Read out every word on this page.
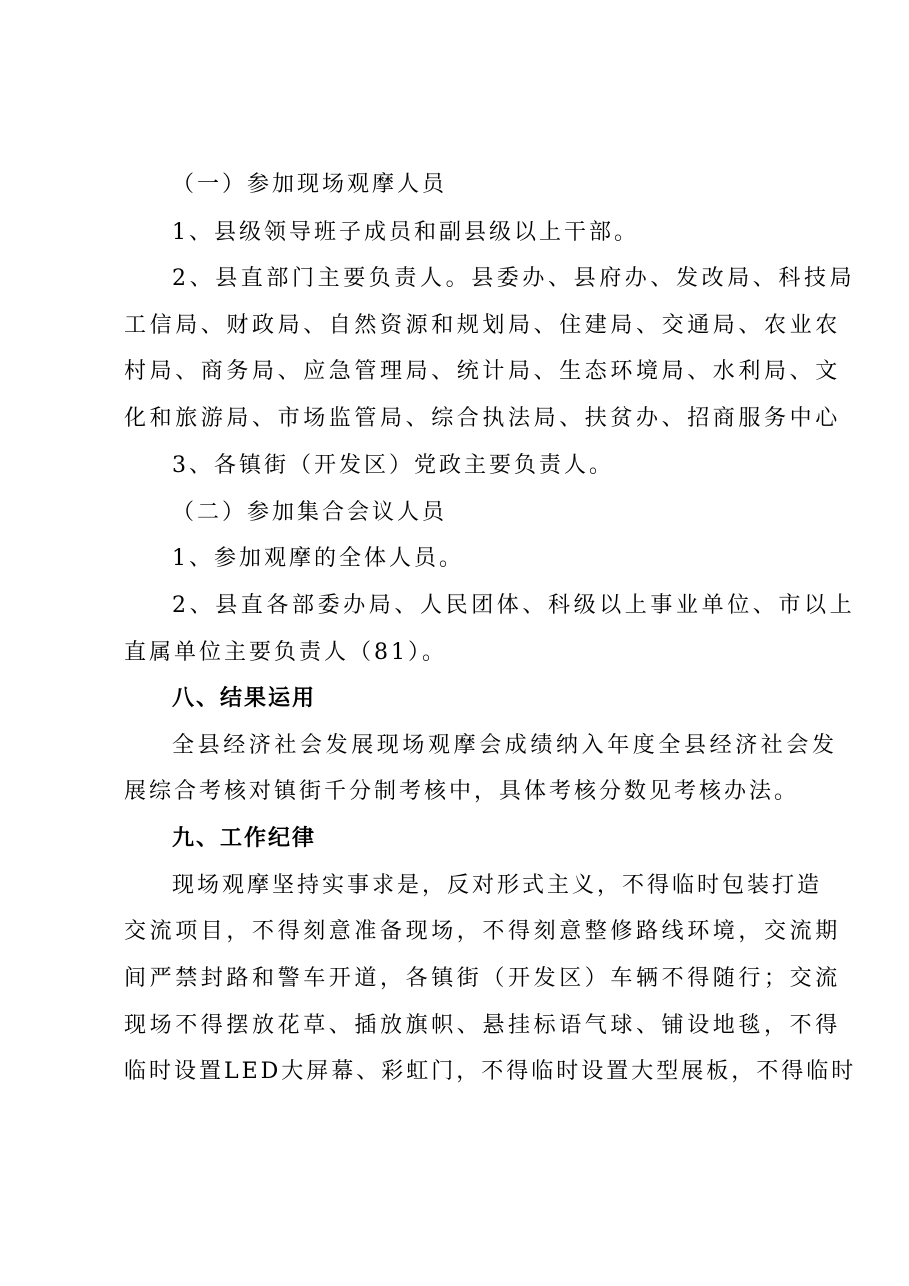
（一）参加现场观摩人员
1、县级领导班子成员和副县级以上干部。
2、县直部门主要负责人。县委办、县府办、发改局、科技局
工信局、财政局、自然资源和规划局、住建局、交通局、农业农
村局、商务局、应急管理局、统计局、生态环境局、水利局、文
化和旅游局、市场监管局、综合执法局、扶贫办、招商服务中心
3、各镇街（开发区）党政主要负责人。
（二）参加集合会议人员
1、参加观摩的全体人员。
2、县直各部委办局、人民团体、科级以上事业单位、市以上
直属单位主要负责人（81）。
八、结果运用
全县经济社会发展现场观摩会成绩纳入年度全县经济社会发
展综合考核对镇街千分制考核中，具体考核分数见考核办法。
九、工作纪律
现场观摩坚持实事求是，反对形式主义，不得临时包装打造
交流项目，不得刻意准备现场，不得刻意整修路线环境，交流期
间严禁封路和警车开道，各镇街（开发区）车辆不得随行；交流
现场不得摆放花草、插放旗帜、悬挂标语气球、铺设地毯，不得
临时设置LED大屏幕、彩虹门，不得临时设置大型展板，不得临时
